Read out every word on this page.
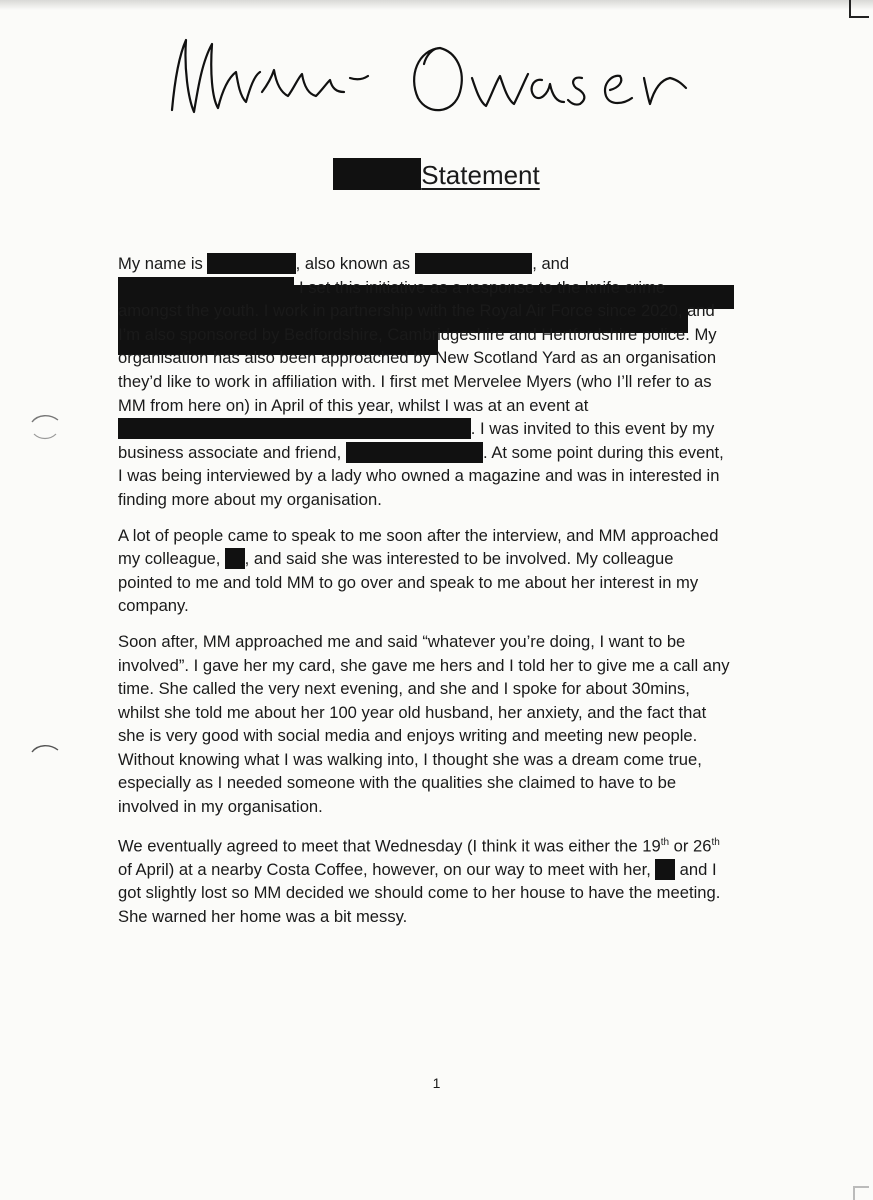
Statement

My name is	, also known as	, and  I set this initiative as a response to the knife crime amongst the youth. I work in partnership with the Royal Air Force since 2020, and I’m also sponsored by Bedfordshire, Cambridgeshire and Hertfordshire police. My organisation has also been approached by New Scotland Yard as an organisation they’d like to work in affiliation with. I first met Mervelee Myers (who I’ll refer to as MM from here on) in April of this year, whilst I was at an event at . I was invited to this event by my business associate and friend,	. At some point during this event, I was being interviewed by a lady who owned a magazine and was in interested in finding more about my organisation.

A lot of people came to speak to me soon after the interview, and MM approached my colleague, , and said she was interested to be involved. My colleague pointed to me and told MM to go over and speak to me about her interest in my company.

Soon after, MM approached me and said “whatever you’re doing, I want to be involved”. I gave her my card, she gave me hers and I told her to give me a call any time. She called the very next evening, and she and I spoke for about 30mins, whilst she told me about her 100 year old husband, her anxiety, and the fact that she is very good with social media and enjoys writing and meeting new people. Without knowing what I was walking into, I thought she was a dream come true, especially as I needed someone with the qualities she claimed to have to be involved in my organisation.

We eventually agreed to meet that Wednesday (I think it was either the 19th or 26th of April) at a nearby Costa Coffee, however, on our way to meet with her,  and I got slightly lost so MM decided we should come to her house to have the meeting. She warned her home was a bit messy.

1
